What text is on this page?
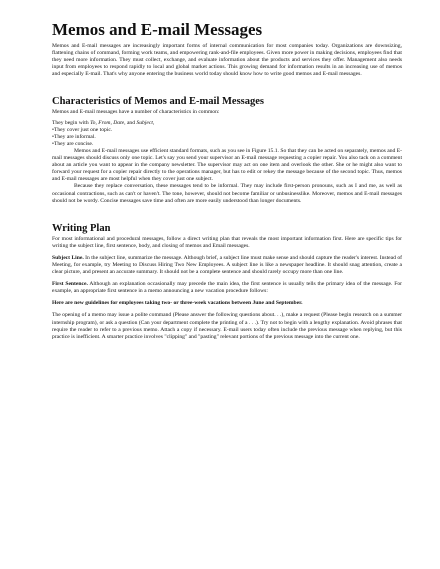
Memos and E-mail Messages

Memos and E-mail messages are increasingly important forms of internal communication for most companies today. Organizations are downsizing, flattening chains of command, forming work teams, and empowering rank-and-file employees. Given more power in making decisions, employees find that they need more information. They must collect, exchange, and evaluate information about the products and services they offer. Management also needs input from employees to respond rapidly to local and global market actions. This growing demand for information results in an increasing use of memos and especially E-mail. That's why anyone entering the business world today should know how to write good memos and E-mail messages.

Characteristics of Memos and E-mail Messages

Memos and E-mail messages have a number of characteristics in common:

They begin with To, From, Date, and Subject,

• They cover just one topic.
• They are informal.
• They are concise.

Memos and E-mail messages use efficient standard formats, such as you see in Figure 15.1. So that they can be acted on separately, memos and E-mail messages should discuss only one topic. Let's say you send your supervisor an E-mail message requesting a copier repair. You also tack on a comment about an article you want to appear in the company newsletter. The supervisor may act on one item and overlook the other. She or he might also want to forward your request for a copier repair directly to the operations manager, but has to edit or rekey the message because of the second topic. Thus, memos and E-mail messages are most helpful when they cover just one subject.

Because they replace conversation, these messages tend to be informal. They may include first-person pronouns, such as I and me, as well as occasional contractions, such as can't or haven't. The tone, however, should not become familiar or unbusinesslike. Moreover, memos and E-mail messages should not be wordy. Concise messages save time and often are more easily understood than longer documents.

Writing Plan

For most informational and procedural messages, follow a direct writing plan that reveals the most important information first. Here are specific tips for writing the subject line, first sentence, body, and closing of memos and Email messages.

Subject Line. In the subject line, summarize the message. Although brief, a subject line must make sense and should capture the reader's interest. Instead of Meeting, for example, try Meeting to Discuss Hiring Two New Employees. A subject line is like a newspaper headline. It should snag attention, create a clear picture, and present an accurate summary. It should not be a complete sentence and should rarely occupy more than one line.

First Sentence. Although an explanation occasionally may precede the main idea, the first sentence is usually tells the primary idea of the message. For example, an appropriate first sentence in a memo announcing a new vacation procedure follows:

Here are new guidelines for employees taking two- or three-week vacations between June and September.

The opening of a memo may issue a polite command (Please answer the following questions about. . .), make a request (Please begin research on a summer internship program), or ask a question (Can your department complete the printing of a . . .). Try not to begin with a lengthy explanation. Avoid phrases that require the reader to refer to a previous memo. Attach a copy if necessary. E-mail users today often include the previous message when replying, but this practice is inefficient. A smarter practice involves "clipping" and "pasting" relevant portions of the previous message into the current one.
